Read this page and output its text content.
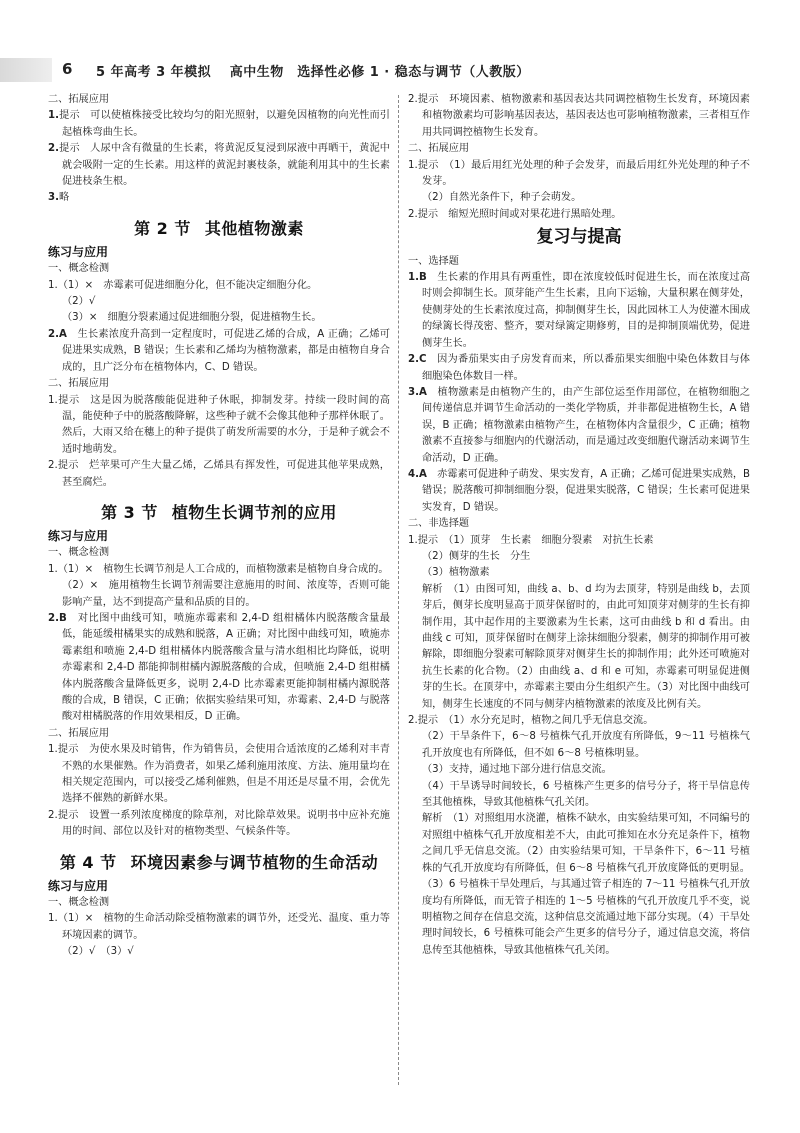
6 5 年高考 3 年模拟　 高中生物　选择性必修 1 · 稳态与调节（人教版）

二、拓展应用

1.提示　可以使植株接受比较均匀的阳光照射，以避免因植物的向光性而引起植株弯曲生长。

2.提示　人尿中含有微量的生长素，将黄泥反复浸到尿液中再晒干，黄泥中就会吸附一定的生长素。用这样的黄泥封裹枝条，就能利用其中的生长素促进枝条生根。

3.略

第 2 节 其他植物激素

练习与应用

一、概念检测

1.（1）×　赤霉素可促进细胞分化，但不能决定细胞分化。

（2）√

（3）×　细胞分裂素通过促进细胞分裂，促进植物生长。

2.A　 生长素浓度升高到一定程度时，可促进乙烯的合成，A 正确；乙烯可促进果实成熟，B 错误；生长素和乙烯均为植物激素，都是由植物自身合成的，且广泛分布在植物体内，C、D 错误。

二、拓展应用

1.提示　这是因为脱落酸能促进种子休眠，抑制发芽。持续一段时间的高温，能使种子中的脱落酸降解，这些种子就不会像其他种子那样休眠了。然后，大雨又给在穗上的种子提供了萌发所需要的水分，于是种子就会不适时地萌发。

2.提示　烂苹果可产生大量乙烯，乙烯具有挥发性，可促进其他苹果成熟，甚至腐烂。

第 3 节 植物生长调节剂的应用

练习与应用

一、概念检测

1.（1）×　植物生长调节剂是人工合成的，而植物激素是植物自身合成的。

（2）×　施用植物生长调节剂需要注意施用的时间、浓度等，否则可能影响产量，达不到提高产量和品质的目的。

2.B　 对比图中曲线可知，喷施赤霉素和 2,4-D 组柑橘体内脱落酸含量最低，能延缓柑橘果实的成熟和脱落，A 正确；对比图中曲线可知，喷施赤霉素组和喷施 2,4-D 组柑橘体内脱落酸含量与清水组相比均降低，说明赤霉素和 2,4-D 都能抑制柑橘内源脱落酸的合成，但喷施 2,4-D 组柑橘体内脱落酸含量降低更多，说明 2,4-D 比赤霉素更能抑制柑橘内源脱落酸的合成，B 错误，C 正确；依据实验结果可知，赤霉素、2,4-D 与脱落酸对柑橘脱落的作用效果相反，D 正确。

二、拓展应用

1.提示　为使水果及时销售，作为销售员，会使用合适浓度的乙烯利对丰青不熟的水果催熟。作为消费者，如果乙烯利施用浓度、方法、施用量均在相关规定范围内，可以接受乙烯利催熟，但是不用还是尽量不用，会优先选择不催熟的新鲜水果。

2.提示　设置一系列浓度梯度的除草剂，对比除草效果。说明书中应补充施用的时间、部位以及针对的植物类型、气候条件等。

第 4 节 环境因素参与调节植物的生命活动

练习与应用

一、概念检测

1.（1）×　植物的生命活动除受植物激素的调节外，还受光、温度、重力等环境因素的调节。

（2）√　（3）√

2.提示　环境因素、植物激素和基因表达共同调控植物生长发育，环境因素和植物激素均可影响基因表达，基因表达也可影响植物激素，三者相互作用共同调控植物生长发育。

二、拓展应用

1.提示　（1）最后用红光处理的种子会发芽，而最后用红外光处理的种子不发芽。

（2）自然光条件下，种子会萌发。

2.提示　缩短光照时间或对果花进行黑暗处理。

复习与提高

一、选择题

1.B　 生长素的作用具有两重性，即在浓度较低时促进生长，而在浓度过高时则会抑制生长。顶芽能产生生长素，且向下运输，大量积累在侧芽处，使侧芽处的生长素浓度过高，抑制侧芽生长，因此园林工人为使灌木围成的绿篱长得茂密、整齐，要对绿篱定期修剪，目的是抑制顶端优势，促进侧芽生长。

2.C　 因为番茄果实由子房发育而来，所以番茄果实细胞中染色体数目与体细胞染色体数目一样。

3.A　 植物激素是由植物产生的，由产生部位运至作用部位，在植物细胞之间传递信息并调节生命活动的一类化学物质，并非都促进植物生长，A 错误，B 正确；植物激素由植物产生，在植物体内含量很少，C 正确；植物激素不直接参与细胞内的代谢活动，而是通过改变细胞代谢活动来调节生命活动，D 正确。

4.A　 赤霉素可促进种子萌发、果实发育，A 正确；乙烯可促进果实成熟，B 错误；脱落酸可抑制细胞分裂，促进果实脱落，C 错误；生长素可促进果实发育，D 错误。

二、非选择题

1.提示　（1）顶芽　生长素　细胞分裂素　对抗生长素

（2）侧芽的生长　分生

（3）植物激素

解析　（1）由图可知，曲线 a、b、d 均为去顶芽，特别是曲线 b，去顶芽后，侧芽长度明显高于顶芽保留时的，由此可知顶芽对侧芽的生长有抑制作用，其中起作用的主要激素为生长素，这可由曲线 b 和 d 看出。由曲线 c 可知，顶芽保留时在侧芽上涂抹细胞分裂素，侧芽的抑制作用可被解除，即细胞分裂素可解除顶芽对侧芽生长的抑制作用；此外还可喷施对抗生长素的化合物。（2）由曲线 a、d 和 e 可知，赤霉素可明显促进侧芽的生长。在顶芽中，赤霉素主要由分生组织产生。（3）对比图中曲线可知，侧芽生长速度的不同与侧芽内植物激素的浓度及比例有关。

2.提示　（1）水分充足时，植物之间几乎无信息交流。

（2）干旱条件下，6～8 号植株气孔开放度有所降低，9～11 号植株气孔开放度也有所降低，但不如 6～8 号植株明显。

（3）支持，通过地下部分进行信息交流。

（4）干旱诱导时间较长，6 号植株产生更多的信号分子，将干旱信息传至其他植株，导致其他植株气孔关闭。

解析　（1）对照组用水浇灌，植株不缺水，由实验结果可知，不同编号的对照组中植株气孔开放度相差不大，由此可推知在水分充足条件下，植物之间几乎无信息交流。（2）由实验结果可知，干旱条件下，6～11 号植株的气孔开放度均有所降低，但 6～8 号植株气孔开放度降低的更明显。（3）6 号植株干旱处理后，与其通过管子相连的 7～11 号植株气孔开放度均有所降低，而无管子相连的 1～5 号植株的气孔开放度几乎不变，说明植物之间存在信息交流，这种信息交流通过地下部分实现。（4）干旱处理时间较长，6 号植株可能会产生更多的信号分子，通过信息交流，将信息传至其他植株，导致其他植株气孔关闭。
